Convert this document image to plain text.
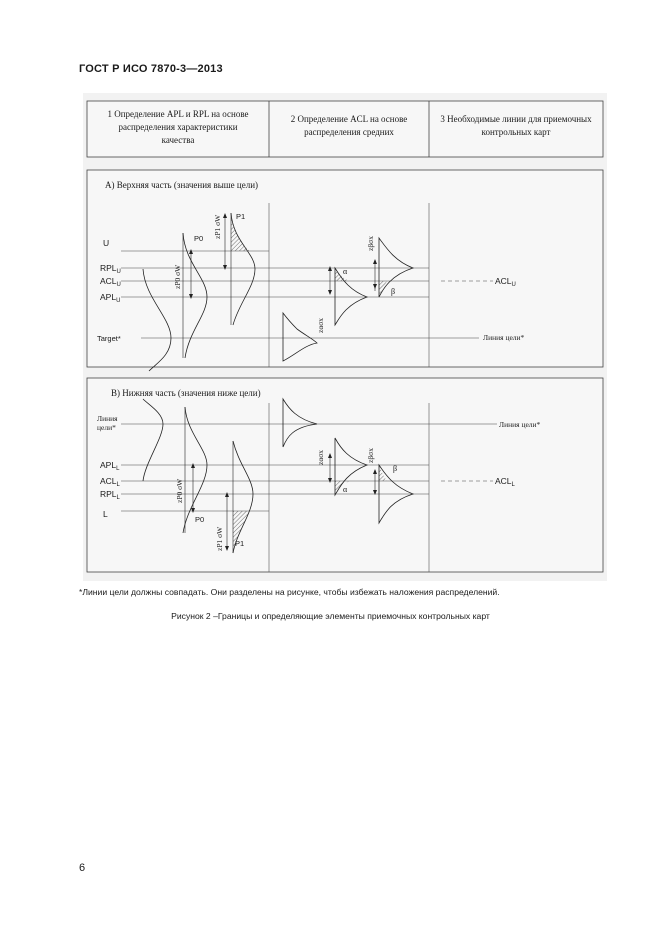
ГОСТ Р ИСО 7870-3—2013
1 Определение APL и RPL на основе
распределения характеристики
качества
2 Определение ACL на основе
распределения средних
3 Необходимые линии для приемочных
контрольных карт
A) Верхняя часть (значения выше цели)
U
$RPL_U$
$ACL_U$
$APL_U$
Target*
$ACL_U$
Линия цели*
P0
P1
zP0 σW
zP1 σW
α
β
zασx
zβσx
B) Нижняя часть (значения ниже цели)
Линия
цели*	Линия цели*
$APL_L$
$ACL_L$
$RPL_L$
L
$ACL_L$
P0
P1
zP0 σW
zP1 σW
α
β
zασx	zβσx
*Линии цели должны совпадать. Они разделены на рисунке, чтобы избежать наложения распределений.
Рисунок 2 –Границы и определяющие элементы приемочных контрольных карт
6
